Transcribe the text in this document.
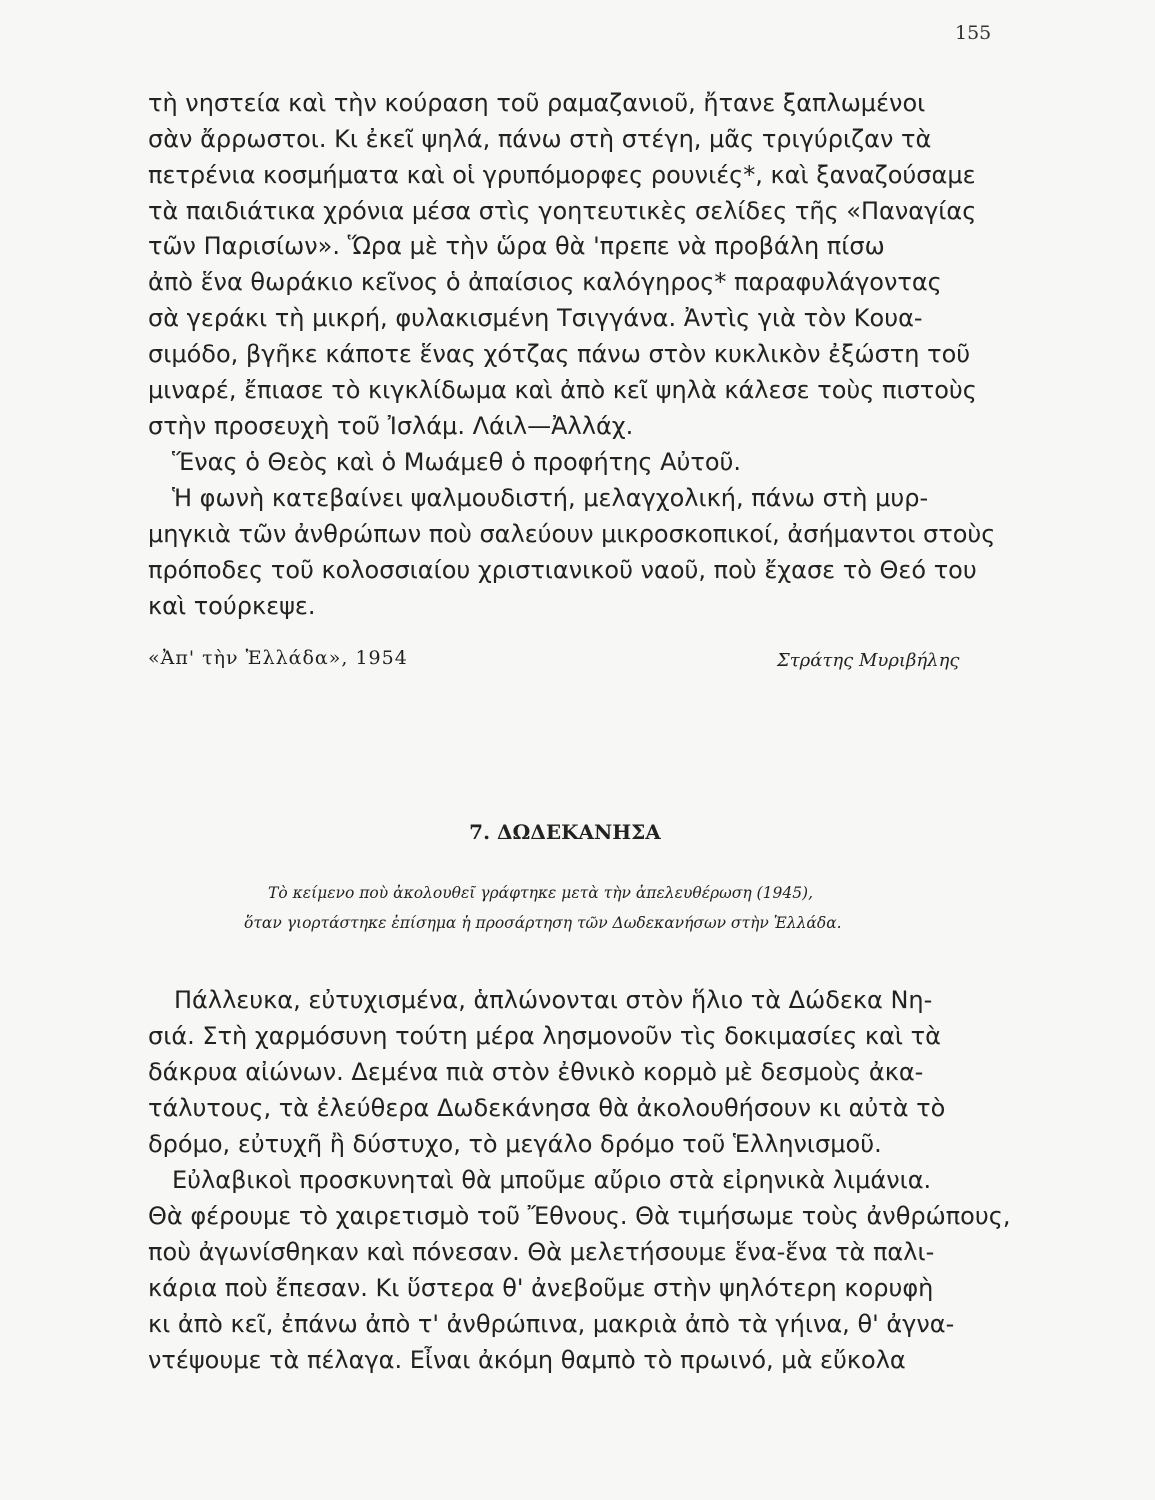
155
τὴ νηστεία καὶ τὴν κούραση τοῦ ραμαζανιοῦ, ἤτανε ξαπλωμένοι
σὰν ἄρρωστοι. Κι ἐκεῖ ψηλά, πάνω στὴ στέγη, μᾶς τριγύριζαν τὰ
πετρένια κοσμήματα καὶ οἱ γρυπόμορφες ρουνιές*, καὶ ξαναζούσαμε
τὰ παιδιάτικα χρόνια μέσα στὶς γοητευτικὲς σελίδες τῆς «Παναγίας
τῶν Παρισίων». Ὥρα μὲ τὴν ὥρα θὰ 'πρεπε νὰ προβάλη πίσω
ἀπὸ ἕνα θωράκιο κεῖνος ὁ ἀπαίσιος καλόγηρος* παραφυλάγοντας
σὰ γεράκι τὴ μικρή, φυλακισμένη Τσιγγάνα. Ἀντὶς γιὰ τὸν Κουα-
σιμόδο, βγῆκε κάποτε ἕνας χότζας πάνω στὸν κυκλικὸν ἐξώστη τοῦ
μιναρέ, ἔπιασε τὸ κιγκλίδωμα καὶ ἀπὸ κεῖ ψηλὰ κάλεσε τοὺς πιστοὺς
στὴν προσευχὴ τοῦ Ἰσλάμ. Λάιλ—Ἀλλάχ.
Ἕνας ὁ Θεὸς καὶ ὁ Μωάμεθ ὁ προφήτης Αὐτοῦ.
Ἡ φωνὴ κατεβαίνει ψαλμουδιστή, μελαγχολική, πάνω στὴ μυρ-
μηγκιὰ τῶν ἀνθρώπων ποὺ σαλεύουν μικροσκοπικοί, ἀσήμαντοι στοὺς
πρόποδες τοῦ κολοσσιαίου χριστιανικοῦ ναοῦ, ποὺ ἔχασε τὸ Θεό του
καὶ τούρκεψε.
«Ἀπ' τὴν Ἑλλάδα», 1954	Στράτης Μυριβήλης
7. ΔΩΔΕΚΑΝΗΣΑ
Τὸ κείμενο ποὺ ἀκολουθεῖ γράφτηκε μετὰ τὴν ἀπελευθέρωση (1945),
ὅταν γιορτάστηκε ἐπίσημα ἡ προσάρτηση τῶν Δωδεκανήσων στὴν Ἑλλάδα.
Πάλλευκα, εὐτυχισμένα, ἁπλώνονται στὸν ἥλιο τὰ Δώδεκα Νη-
σιά. Στὴ χαρμόσυνη τούτη μέρα λησμονοῦν τὶς δοκιμασίες καὶ τὰ
δάκρυα αἰώνων. Δεμένα πιὰ στὸν ἐθνικὸ κορμὸ μὲ δεσμοὺς ἀκα-
τάλυτους, τὰ ἐλεύθερα Δωδεκάνησα θὰ ἀκολουθήσουν κι αὐτὰ τὸ
δρόμο, εὐτυχῆ ἢ δύστυχο, τὸ μεγάλο δρόμο τοῦ Ἑλληνισμοῦ.
Εὐλαβικοὶ προσκυνηταὶ θὰ μποῦμε αὔριο στὰ εἰρηνικὰ λιμάνια.
Θὰ φέρουμε τὸ χαιρετισμὸ τοῦ Ἔθνους. Θὰ τιμήσωμε τοὺς ἀνθρώπους,
ποὺ ἀγωνίσθηκαν καὶ πόνεσαν. Θὰ μελετήσουμε ἕνα-ἕνα τὰ παλι-
κάρια ποὺ ἔπεσαν. Κι ὕστερα θ' ἀνεβοῦμε στὴν ψηλότερη κορυφὴ
κι ἀπὸ κεῖ, ἐπάνω ἀπὸ τ' ἀνθρώπινα, μακριὰ ἀπὸ τὰ γήινα, θ' ἀγνα-
ντέψουμε τὰ πέλαγα. Εἶναι ἀκόμη θαμπὸ τὸ πρωινό, μὰ εὔκολα
